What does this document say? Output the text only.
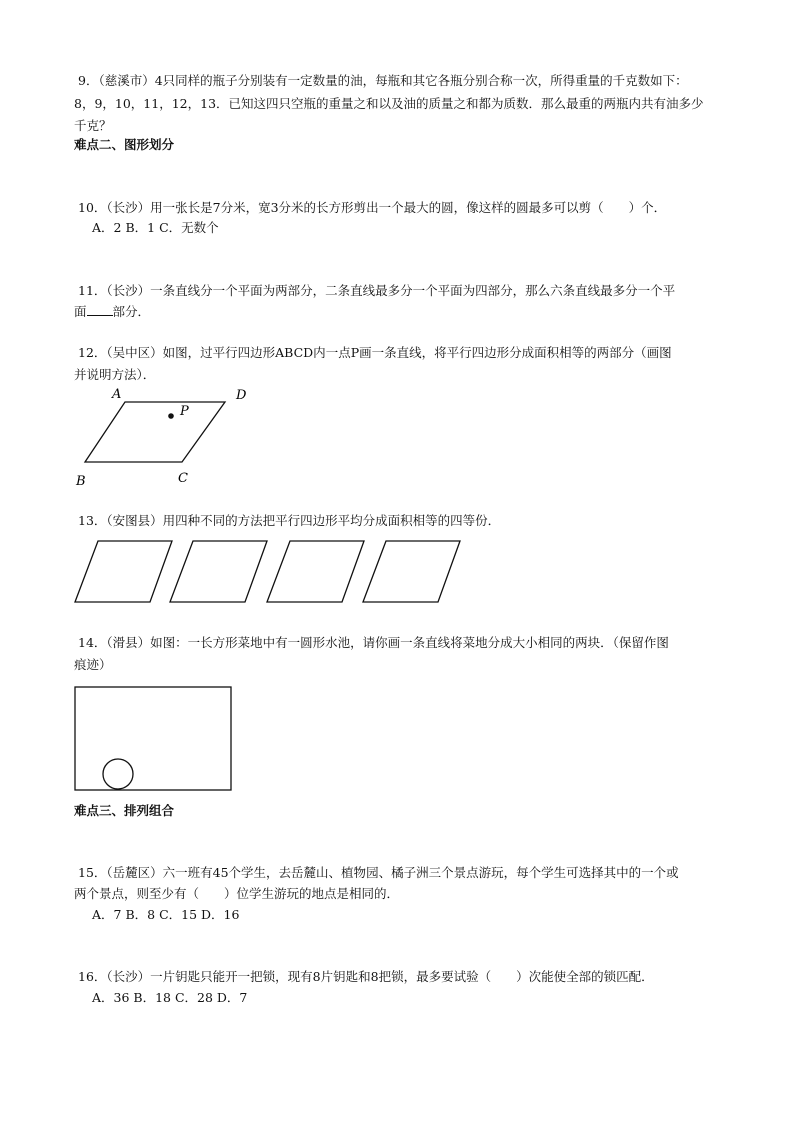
9．（慈溪市）4只同样的瓶子分别装有一定数量的油，每瓶和其它各瓶分别合称一次，所得重量的千克数如下：
8，9，10，11，12，13．已知这四只空瓶的重量之和以及油的质量之和都为质数．那么最重的两瓶内共有油多少
千克？
难点二、图形划分
10．（长沙）用一张长是7分米，宽3分米的长方形剪出一个最大的圆，像这样的圆最多可以剪（　　）个．
A．2 B．1 C．无数个
11．（长沙）一条直线分一个平面为两部分，二条直线最多分一个平面为四部分，那么六条直线最多分一个平
面 部分．
12．（吴中区）如图，过平行四边形ABCD内一点P画一条直线，将平行四边形分成面积相等的两部分（画图
并说明方法）．
A	D
P
B	C
13．（安图县）用四种不同的方法把平行四边形平均分成面积相等的四等份．
14．（滑县）如图：一长方形菜地中有一圆形水池，请你画一条直线将菜地分成大小相同的两块．（保留作图
痕迹）
难点三、排列组合
15．（岳麓区）六一班有45个学生，去岳麓山、植物园、橘子洲三个景点游玩，每个学生可选择其中的一个或
两个景点，则至少有（　　）位学生游玩的地点是相同的．
A．7 B．8 C．15 D．16
16．（长沙）一片钥匙只能开一把锁，现有8片钥匙和8把锁，最多要试验（　　）次能使全部的锁匹配．
A．36 B．18 C．28 D．7
